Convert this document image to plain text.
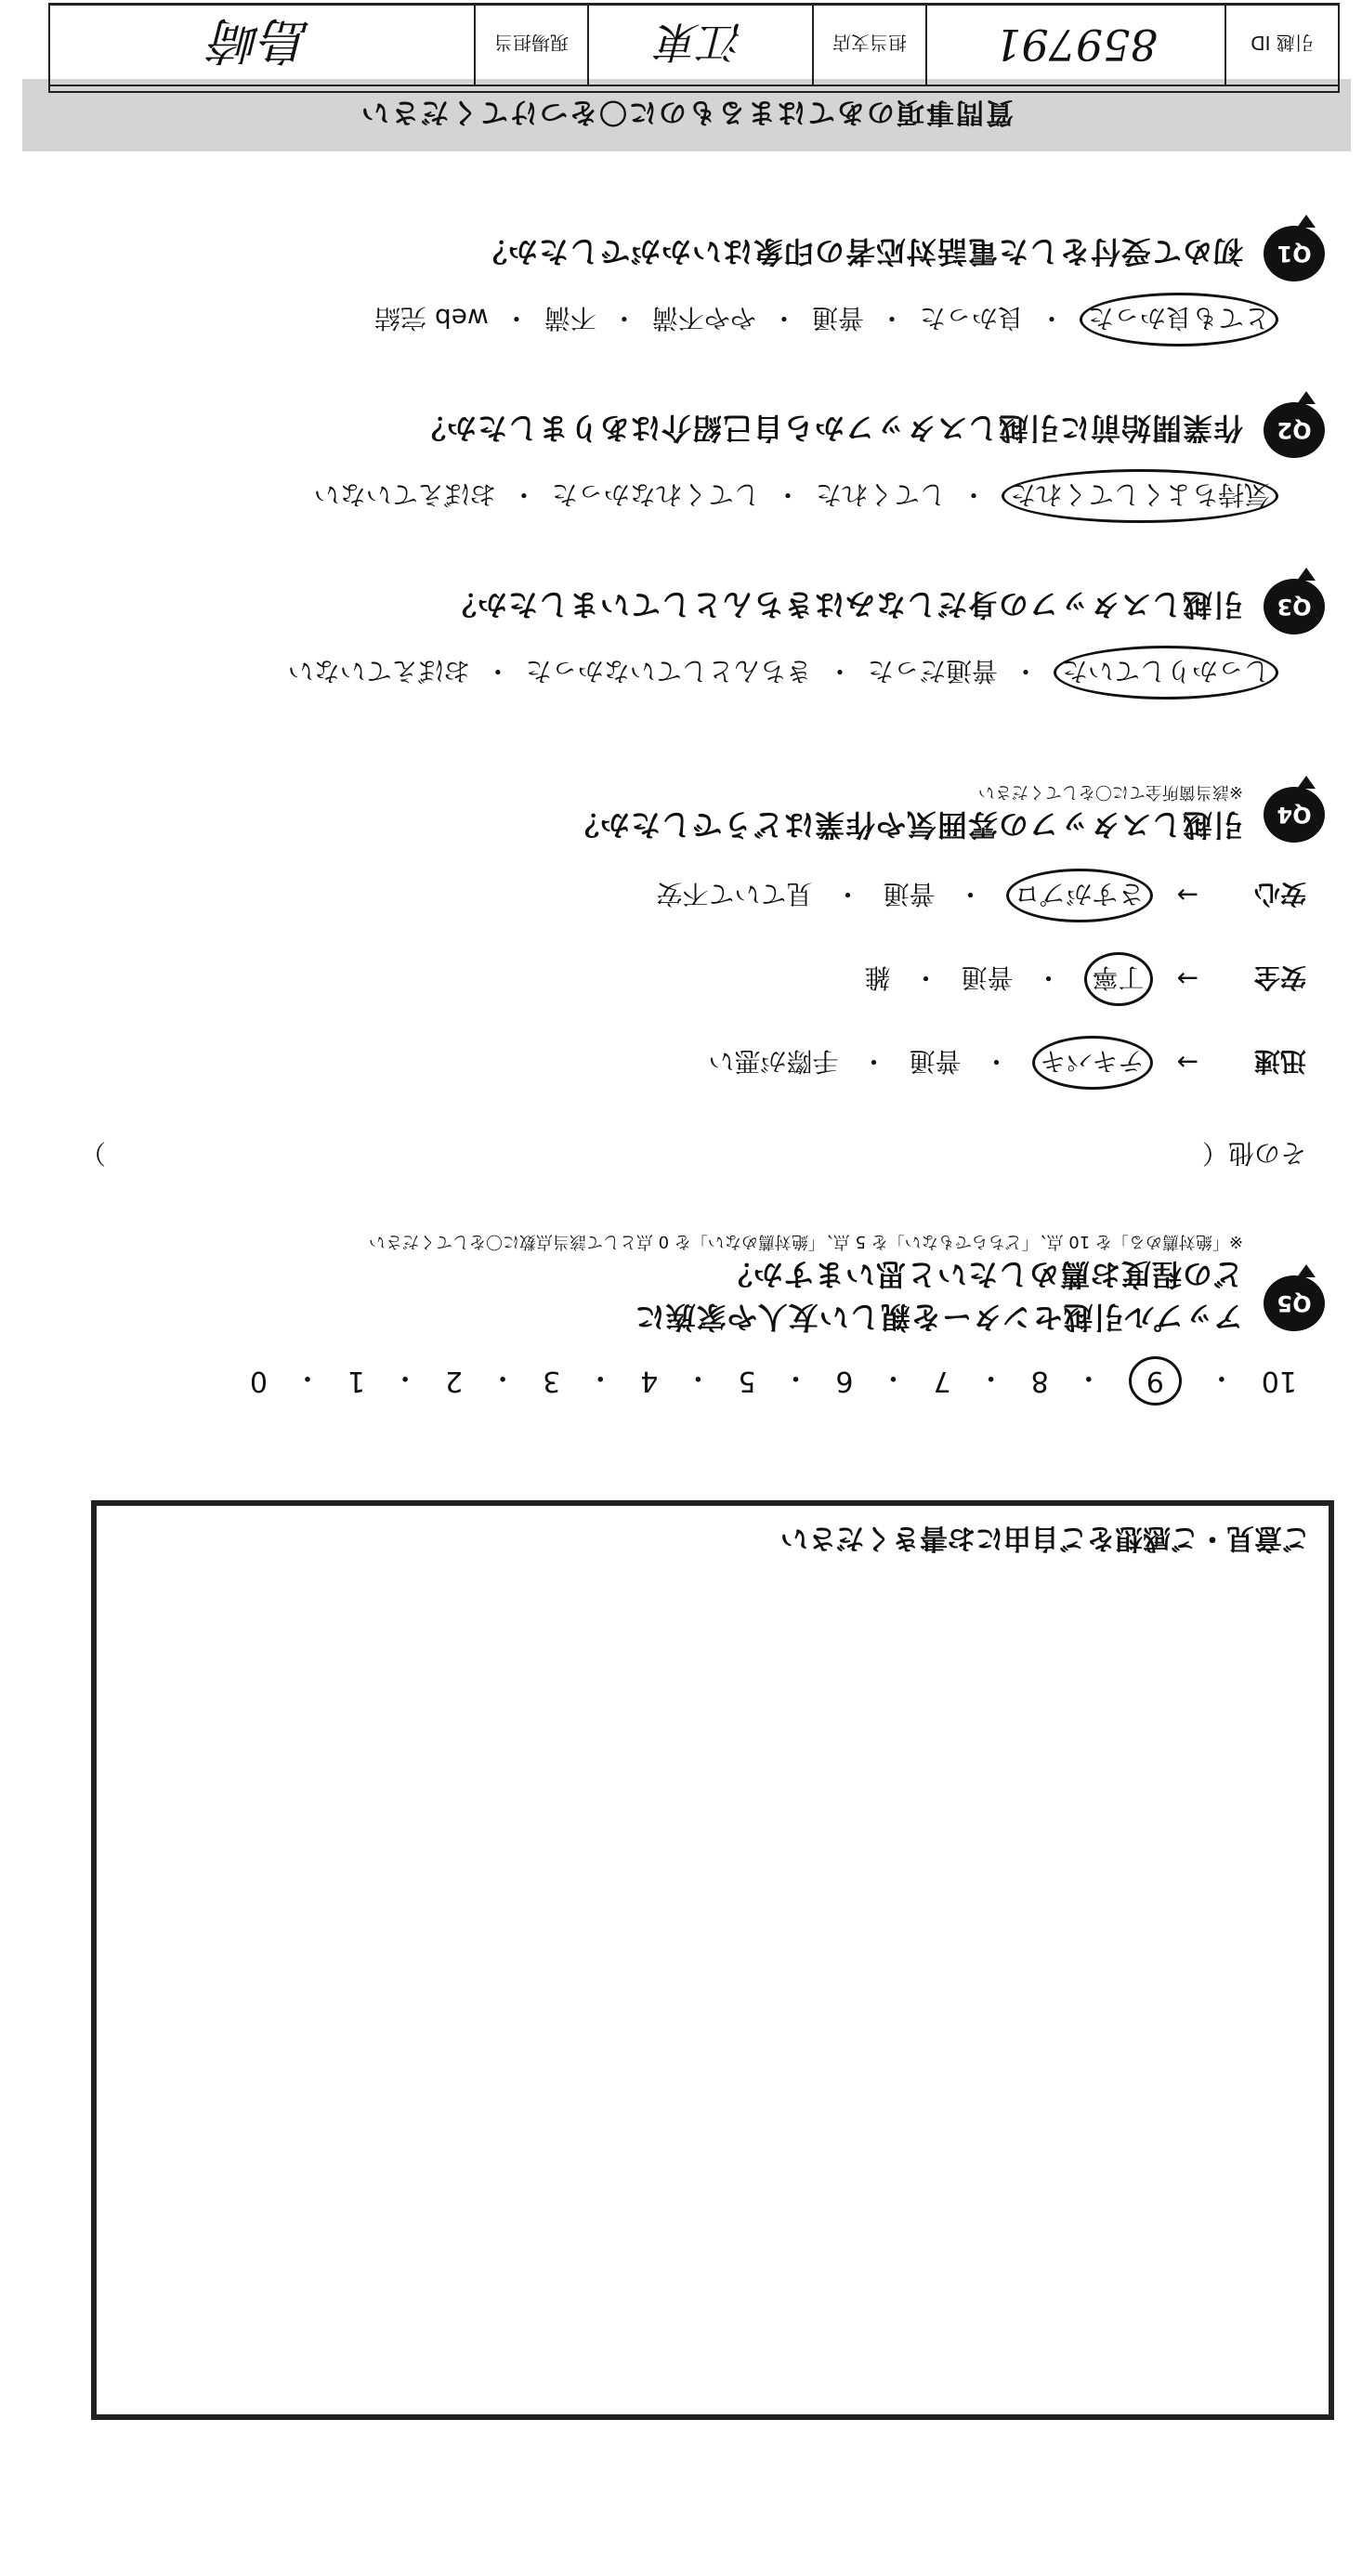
質問事項のあてはまるものに〇をつけてください
Q1
初めて受付をした電話対応者の印象はいかがでしたか？
とても良かった
・
良かった
・
普通
・
やや不満
・
不満
・
web 完結
Q2
作業開始前に引越しスタッフから自己紹介はありましたか？
気持ちよくしてくれた
・
してくれた
・
してくれなかった
・
おぼえていない
Q3
引越しスタッフの身だしなみはきちんとしていましたか？
しっかりしていた
・
普通だった
・
きちんとしていなかった
・
おぼえていない
Q4
引越しスタッフの雰囲気や作業はどうでしたか？
※該当箇所全てに〇をしてください
安心
→
さすがプロ
・
普通
・
見ていて不安
安全
→
丁寧
・
普通
・
雑
迅速
→
テキパキ
・
普通
・
手際が悪い
その他（
）
Q5
アップル引越センターを親しい友人や家族に
どの程度お薦めしたいと思いますか？
※「絶対薦める」を 10 点、「どちらでもない」を 5 点、「絶対薦めない」を 0 点として該当点数に〇をしてください
10
・
9
・
8
・
7
・
6
・
5
・
4
・
3
・
2
・
1
・
0
ご意見・ご感想をご自由にお書きください
引越 ID
859791
担当支店
江東
現場担当
島崎
